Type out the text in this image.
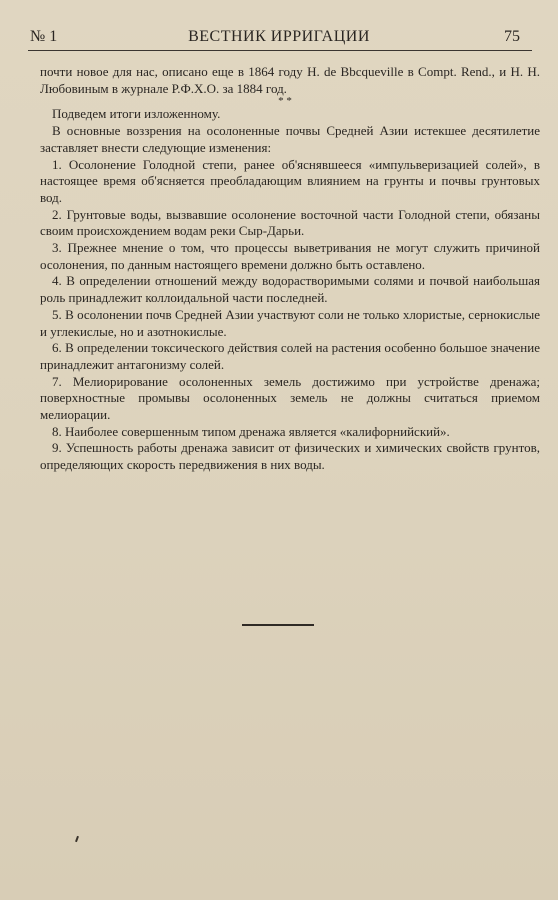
№ 1	ВЕСТНИК ИРРИГАЦИИ	75

почти новое для нас, описано еще в 1864 году H. de Bbcqueville в Compt. Rend., и Н. Н. Любовиным в журнале Р.Ф.Х.О. за 1884 год.

* *

Подведем итоги изложенному.

В основные воззрения на осолоненные почвы Средней Азии истекшее десятилетие заставляет внести следующие изменения:

1. Осолонение Голодной степи, ранее об'яснявшееся «импульверизацией солей», в настоящее время об'ясняется преобладающим влиянием на грунты и почвы грунтовых вод.

2. Грунтовые воды, вызвавшие осолонение восточной части Голодной степи, обязаны своим происхождением водам реки Сыр-Дарьи.

3. Прежнее мнение о том, что процессы выветривания не могут служить причиной осолонения, по данным настоящего времени должно быть оставлено.

4. В определении отношений между водорастворимыми солями и почвой наибольшая роль принадлежит коллоидальной части последней.

5. В осолонении почв Средней Азии участвуют соли не только хлористые, сернокислые и углекислые, но и азотнокислые.

6. В определении токсического действия солей на растения особенно большое значение принадлежит антагонизму солей.

7. Мелиорирование осолоненных земель достижимо при устройстве дренажа; поверхностные промывы осолоненных земель не должны считаться приемом мелиорации.

8. Наиболее совершенным типом дренажа является «калифорнийский».

9. Успешность работы дренажа зависит от физических и химических свойств грунтов, определяющих скорость передвижения в них воды.
